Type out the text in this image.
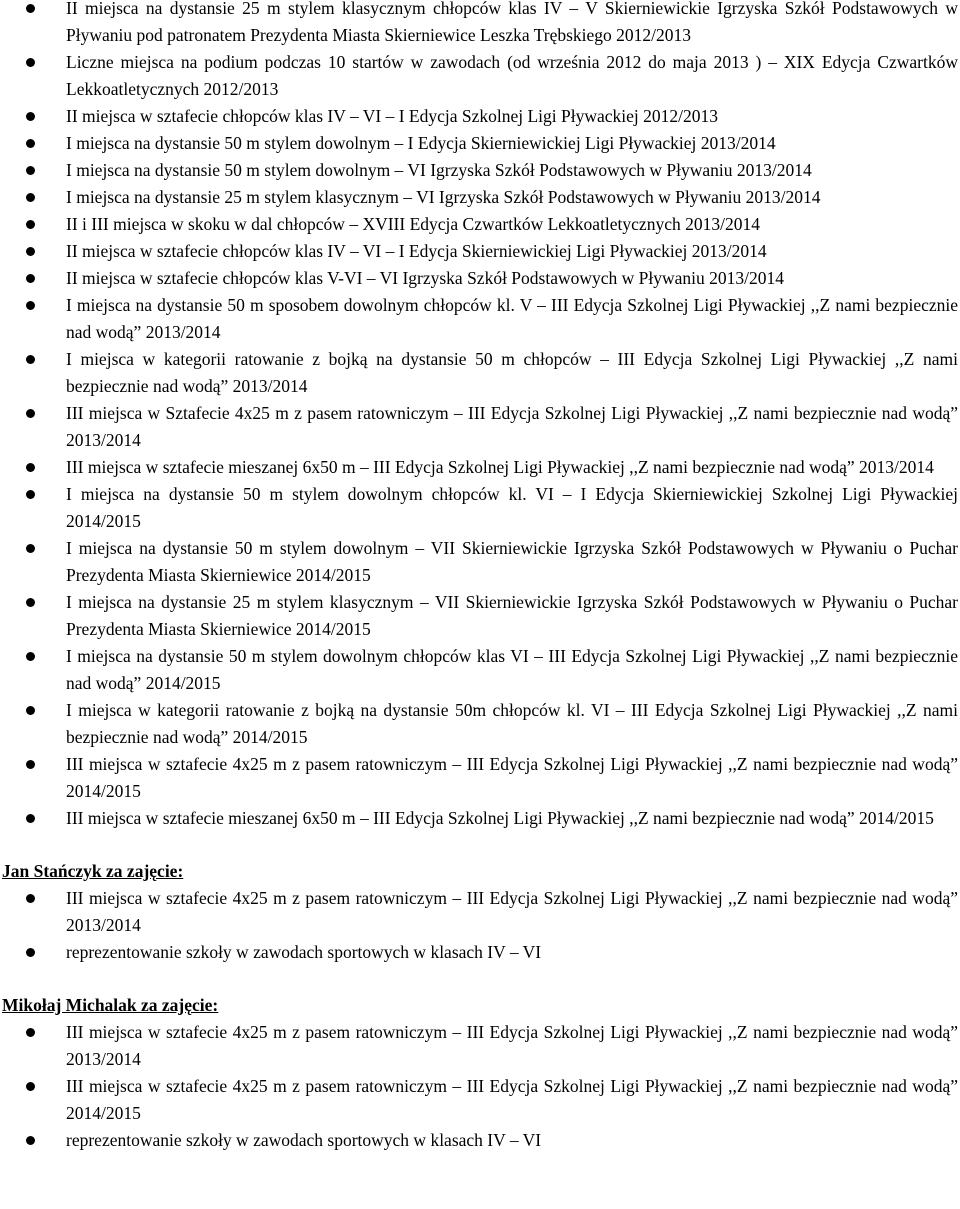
II miejsca na dystansie 25 m stylem klasycznym chłopców klas IV – V Skierniewickie Igrzyska Szkół Podstawowych w Pływaniu pod patronatem Prezydenta Miasta Skierniewice Leszka Trębskiego 2012/2013
Liczne miejsca na podium podczas 10 startów w zawodach (od września 2012 do maja 2013 ) – XIX Edycja Czwartków Lekkoatletycznych 2012/2013
II miejsca w sztafecie chłopców klas IV – VI – I Edycja Szkolnej Ligi Pływackiej 2012/2013
I miejsca na dystansie 50 m stylem dowolnym – I Edycja Skierniewickiej Ligi Pływackiej 2013/2014
I miejsca na dystansie 50 m stylem dowolnym – VI Igrzyska Szkół Podstawowych w Pływaniu 2013/2014
I miejsca na dystansie 25 m stylem klasycznym – VI Igrzyska Szkół Podstawowych w Pływaniu 2013/2014
II i III miejsca w skoku w dal chłopców – XVIII Edycja Czwartków Lekkoatletycznych 2013/2014
II miejsca w sztafecie chłopców klas IV – VI – I Edycja Skierniewickiej Ligi Pływackiej 2013/2014
II miejsca w sztafecie chłopców klas V-VI – VI Igrzyska Szkół Podstawowych w Pływaniu 2013/2014
I miejsca na dystansie 50 m sposobem dowolnym chłopców kl. V – III Edycja Szkolnej Ligi Pływackiej ,,Z nami bezpiecznie nad wodą” 2013/2014
I miejsca w kategorii ratowanie z bojką na dystansie 50 m chłopców – III Edycja Szkolnej Ligi Pływackiej ,,Z nami bezpiecznie nad wodą” 2013/2014
III miejsca w Sztafecie 4x25 m z pasem ratowniczym – III Edycja Szkolnej Ligi Pływackiej ,,Z nami bezpiecznie nad wodą” 2013/2014
III miejsca w sztafecie mieszanej 6x50 m – III Edycja Szkolnej Ligi Pływackiej ,,Z nami bezpiecznie nad wodą” 2013/2014
I miejsca na dystansie 50 m stylem dowolnym chłopców kl. VI – I Edycja Skierniewickiej Szkolnej Ligi Pływackiej 2014/2015
I miejsca na dystansie 50 m stylem dowolnym – VII Skierniewickie Igrzyska Szkół Podstawowych w Pływaniu o Puchar Prezydenta Miasta Skierniewice 2014/2015
I miejsca na dystansie 25 m stylem klasycznym – VII Skierniewickie Igrzyska Szkół Podstawowych w Pływaniu o Puchar Prezydenta Miasta Skierniewice 2014/2015
I miejsca na dystansie 50 m stylem dowolnym chłopców klas VI – III Edycja Szkolnej Ligi Pływackiej ,,Z nami bezpiecznie nad wodą” 2014/2015
I miejsca w kategorii ratowanie z bojką na dystansie 50m chłopców kl. VI – III Edycja Szkolnej Ligi Pływackiej ,,Z nami bezpiecznie nad wodą” 2014/2015
III miejsca w sztafecie 4x25 m z pasem ratowniczym – III Edycja Szkolnej Ligi Pływackiej ,,Z nami bezpiecznie nad wodą” 2014/2015
III miejsca w sztafecie mieszanej 6x50 m – III Edycja Szkolnej Ligi Pływackiej ,,Z nami bezpiecznie nad wodą” 2014/2015
Jan Stańczyk za zajęcie:
III miejsca w sztafecie 4x25 m z pasem ratowniczym – III Edycja Szkolnej Ligi Pływackiej ,,Z nami bezpiecznie nad wodą” 2013/2014
reprezentowanie szkoły w zawodach sportowych w klasach IV – VI
Mikołaj Michalak za zajęcie:
III miejsca w sztafecie 4x25 m z pasem ratowniczym – III Edycja Szkolnej Ligi Pływackiej ,,Z nami bezpiecznie nad wodą” 2013/2014
III miejsca w sztafecie 4x25 m z pasem ratowniczym – III Edycja Szkolnej Ligi Pływackiej ,,Z nami bezpiecznie nad wodą” 2014/2015
reprezentowanie szkoły w zawodach sportowych w klasach IV – VI
